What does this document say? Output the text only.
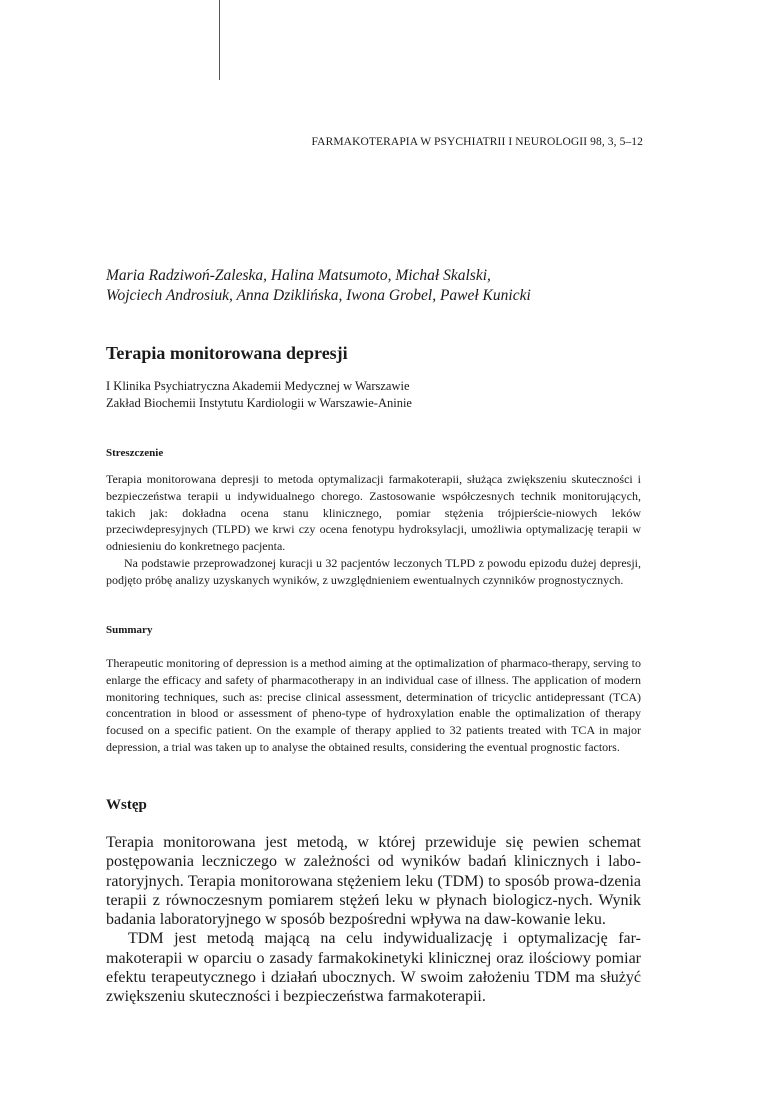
FARMAKOTERAPIA W PSYCHIATRII I NEUROLOGII 98, 3, 5–12
Maria Radziwoń-Zaleska, Halina Matsumoto, Michał Skalski,
Wojciech Androsiuk, Anna Dziklińska, Iwona Grobel, Paweł Kunicki
Terapia monitorowana depresji
I Klinika Psychiatryczna Akademii Medycznej w Warszawie
Zakład Biochemii Instytutu Kardiologii w Warszawie-Aninie
Streszczenie

Terapia monitorowana depresji to metoda optymalizacji farmakoterapii, służąca zwiększeniu skuteczności i bezpieczeństwa terapii u indywidualnego chorego. Zastosowanie współczesnych technik monitorujących, takich jak: dokładna ocena stanu klinicznego, pomiar stężenia trójpierście-niowych leków przeciwdepresyjnych (TLPD) we krwi czy ocena fenotypu hydroksylacji, umożliwia optymalizację terapii w odniesieniu do konkretnego pacjenta.

Na podstawie przeprowadzonej kuracji u 32 pacjentów leczonych TLPD z powodu epizodu dużej depresji, podjęto próbę analizy uzyskanych wyników, z uwzględnieniem ewentualnych czynników prognostycznych.

Summary

Therapeutic monitoring of depression is a method aiming at the optimalization of pharmaco-therapy, serving to enlarge the efficacy and safety of pharmacotherapy in an individual case of illness. The application of modern monitoring techniques, such as: precise clinical assessment, determination of tricyclic antidepressant (TCA) concentration in blood or assessment of pheno-type of hydroxylation enable the optimalization of therapy focused on a specific patient. On the example of therapy applied to 32 patients treated with TCA in major depression, a trial was taken up to analyse the obtained results, considering the eventual prognostic factors.

Wstęp

Terapia monitorowana jest metodą, w której przewiduje się pewien schemat postępowania leczniczego w zależności od wyników badań klinicznych i labo-ratoryjnych. Terapia monitorowana stężeniem leku (TDM) to sposób prowa-dzenia terapii z równoczesnym pomiarem stężeń leku w płynach biologicz-nych. Wynik badania laboratoryjnego w sposób bezpośredni wpływa na daw-kowanie leku.

TDM jest metodą mającą na celu indywidualizację i optymalizację far-makoterapii w oparciu o zasady farmakokinetyki klinicznej oraz ilościowy pomiar efektu terapeutycznego i działań ubocznych. W swoim założeniu TDM ma służyć zwiększeniu skuteczności i bezpieczeństwa farmakoterapii.
